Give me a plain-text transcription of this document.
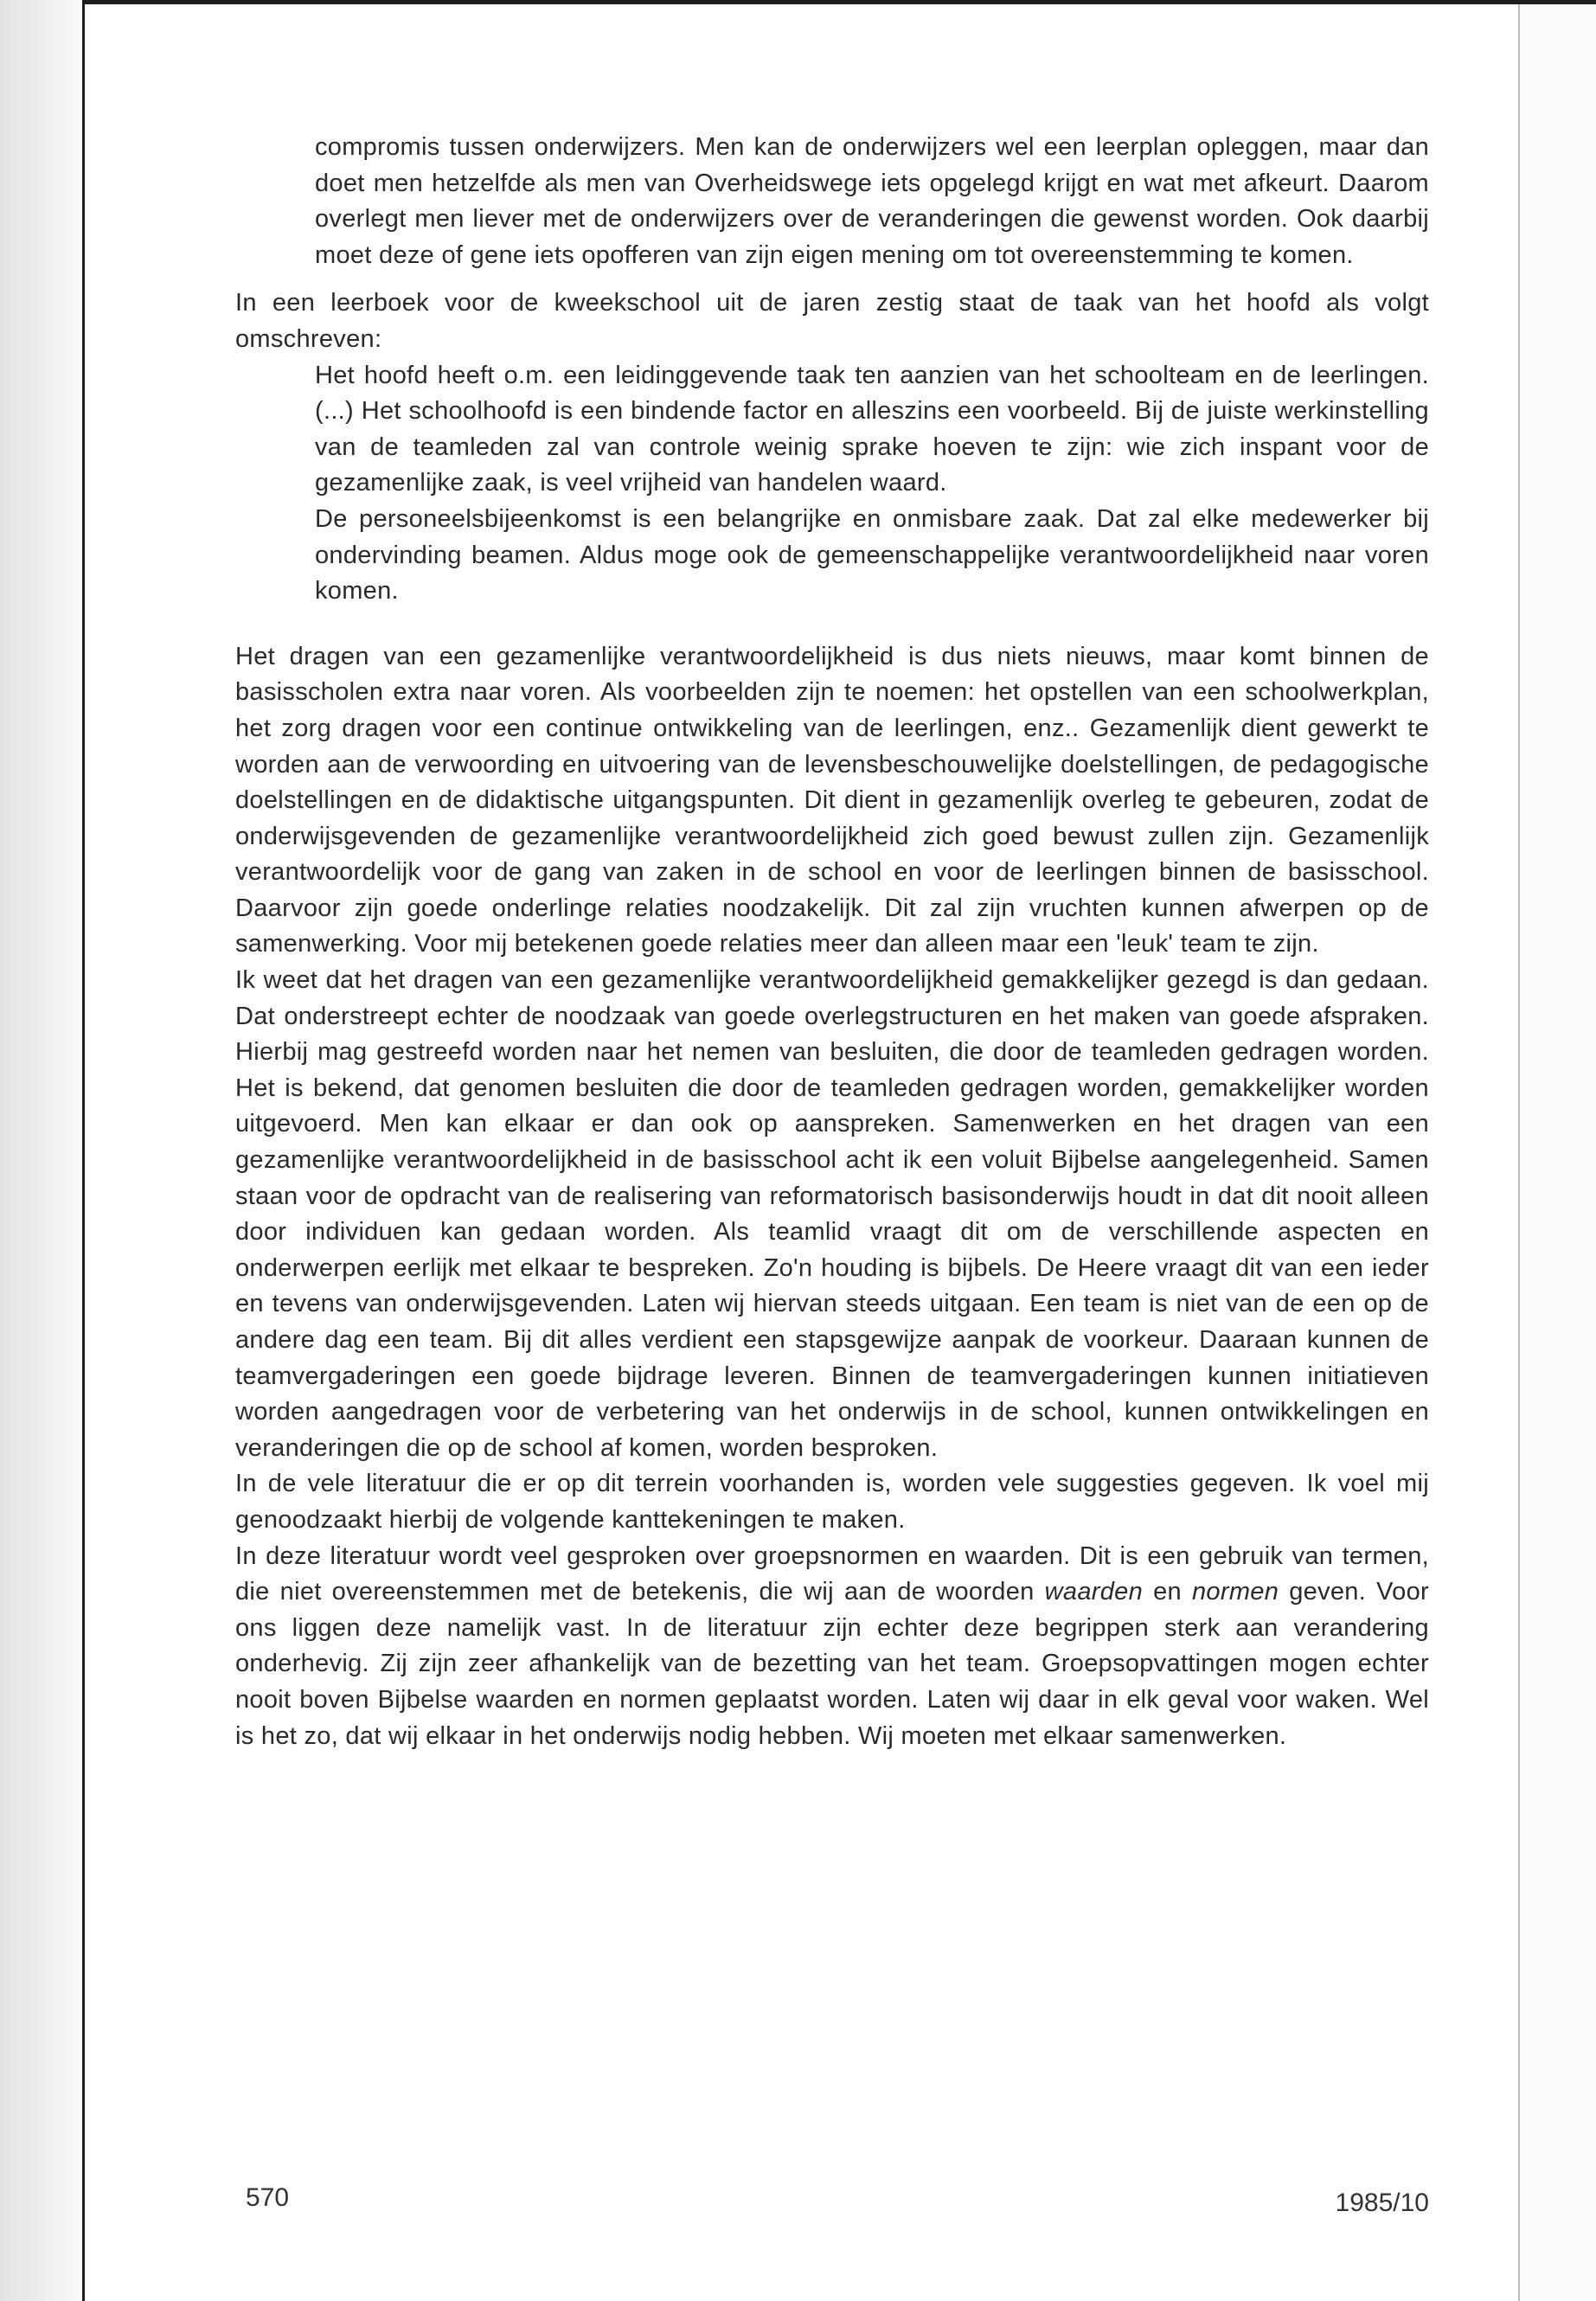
compromis tussen onderwijzers. Men kan de onderwijzers wel een leerplan opleggen, maar dan doet men hetzelfde als men van Overheidswege iets opgelegd krijgt en wat met afkeurt. Daarom overlegt men liever met de onderwijzers over de veranderingen die gewenst worden. Ook daarbij moet deze of gene iets opofferen van zijn eigen mening om tot overeenstemming te komen.

In een leerboek voor de kweekschool uit de jaren zestig staat de taak van het hoofd als volgt omschreven:

Het hoofd heeft o.m. een leidinggevende taak ten aanzien van het schoolteam en de leerlingen. (...) Het schoolhoofd is een bindende factor en alleszins een voorbeeld. Bij de juiste werkinstelling van de teamleden zal van controle weinig sprake hoeven te zijn: wie zich inspant voor de gezamenlijke zaak, is veel vrijheid van handelen waard.

De personeelsbijeenkomst is een belangrijke en onmisbare zaak. Dat zal elke medewerker bij ondervinding beamen. Aldus moge ook de gemeenschappelijke verantwoordelijkheid naar voren komen.

Het dragen van een gezamenlijke verantwoordelijkheid is dus niets nieuws, maar komt binnen de basisscholen extra naar voren. Als voorbeelden zijn te noemen: het opstellen van een schoolwerkplan, het zorg dragen voor een continue ontwikkeling van de leerlingen, enz.. Gezamenlijk dient gewerkt te worden aan de verwoording en uitvoering van de levensbeschouwelijke doelstellingen, de pedagogische doelstellingen en de didaktische uitgangspunten. Dit dient in gezamenlijk overleg te gebeuren, zodat de onderwijsgevenden de gezamenlijke verantwoordelijkheid zich goed bewust zullen zijn. Gezamenlijk verantwoordelijk voor de gang van zaken in de school en voor de leerlingen binnen de basisschool. Daarvoor zijn goede onderlinge relaties noodzakelijk. Dit zal zijn vruchten kunnen afwerpen op de samenwerking. Voor mij betekenen goede relaties meer dan alleen maar een 'leuk' team te zijn.

Ik weet dat het dragen van een gezamenlijke verantwoordelijkheid gemakkelijker gezegd is dan gedaan. Dat onderstreept echter de noodzaak van goede overlegstructuren en het maken van goede afspraken. Hierbij mag gestreefd worden naar het nemen van besluiten, die door de teamleden gedragen worden. Het is bekend, dat genomen besluiten die door de teamleden gedragen worden, gemakkelijker worden uitgevoerd. Men kan elkaar er dan ook op aanspreken. Samenwerken en het dragen van een gezamenlijke verantwoordelijkheid in de basisschool acht ik een voluit Bijbelse aangelegenheid. Samen staan voor de opdracht van de realisering van reformatorisch basisonderwijs houdt in dat dit nooit alleen door individuen kan gedaan worden. Als teamlid vraagt dit om de verschillende aspecten en onderwerpen eerlijk met elkaar te bespreken. Zo'n houding is bijbels. De Heere vraagt dit van een ieder en tevens van onderwijsgevenden. Laten wij hiervan steeds uitgaan. Een team is niet van de een op de andere dag een team. Bij dit alles verdient een stapsgewijze aanpak de voorkeur. Daaraan kunnen de teamvergaderingen een goede bijdrage leveren. Binnen de teamvergaderingen kunnen initiatieven worden aangedragen voor de verbetering van het onderwijs in de school, kunnen ontwikkelingen en veranderingen die op de school af komen, worden besproken.

In de vele literatuur die er op dit terrein voorhanden is, worden vele suggesties gegeven. Ik voel mij genoodzaakt hierbij de volgende kanttekeningen te maken.

In deze literatuur wordt veel gesproken over groepsnormen en waarden. Dit is een gebruik van termen, die niet overeenstemmen met de betekenis, die wij aan de woorden waarden en normen geven. Voor ons liggen deze namelijk vast. In de literatuur zijn echter deze begrippen sterk aan verandering onderhevig. Zij zijn zeer afhankelijk van de bezetting van het team. Groepsopvattingen mogen echter nooit boven Bijbelse waarden en normen geplaatst worden. Laten wij daar in elk geval voor waken. Wel is het zo, dat wij elkaar in het onderwijs nodig hebben. Wij moeten met elkaar samenwerken.

570	1985/10
